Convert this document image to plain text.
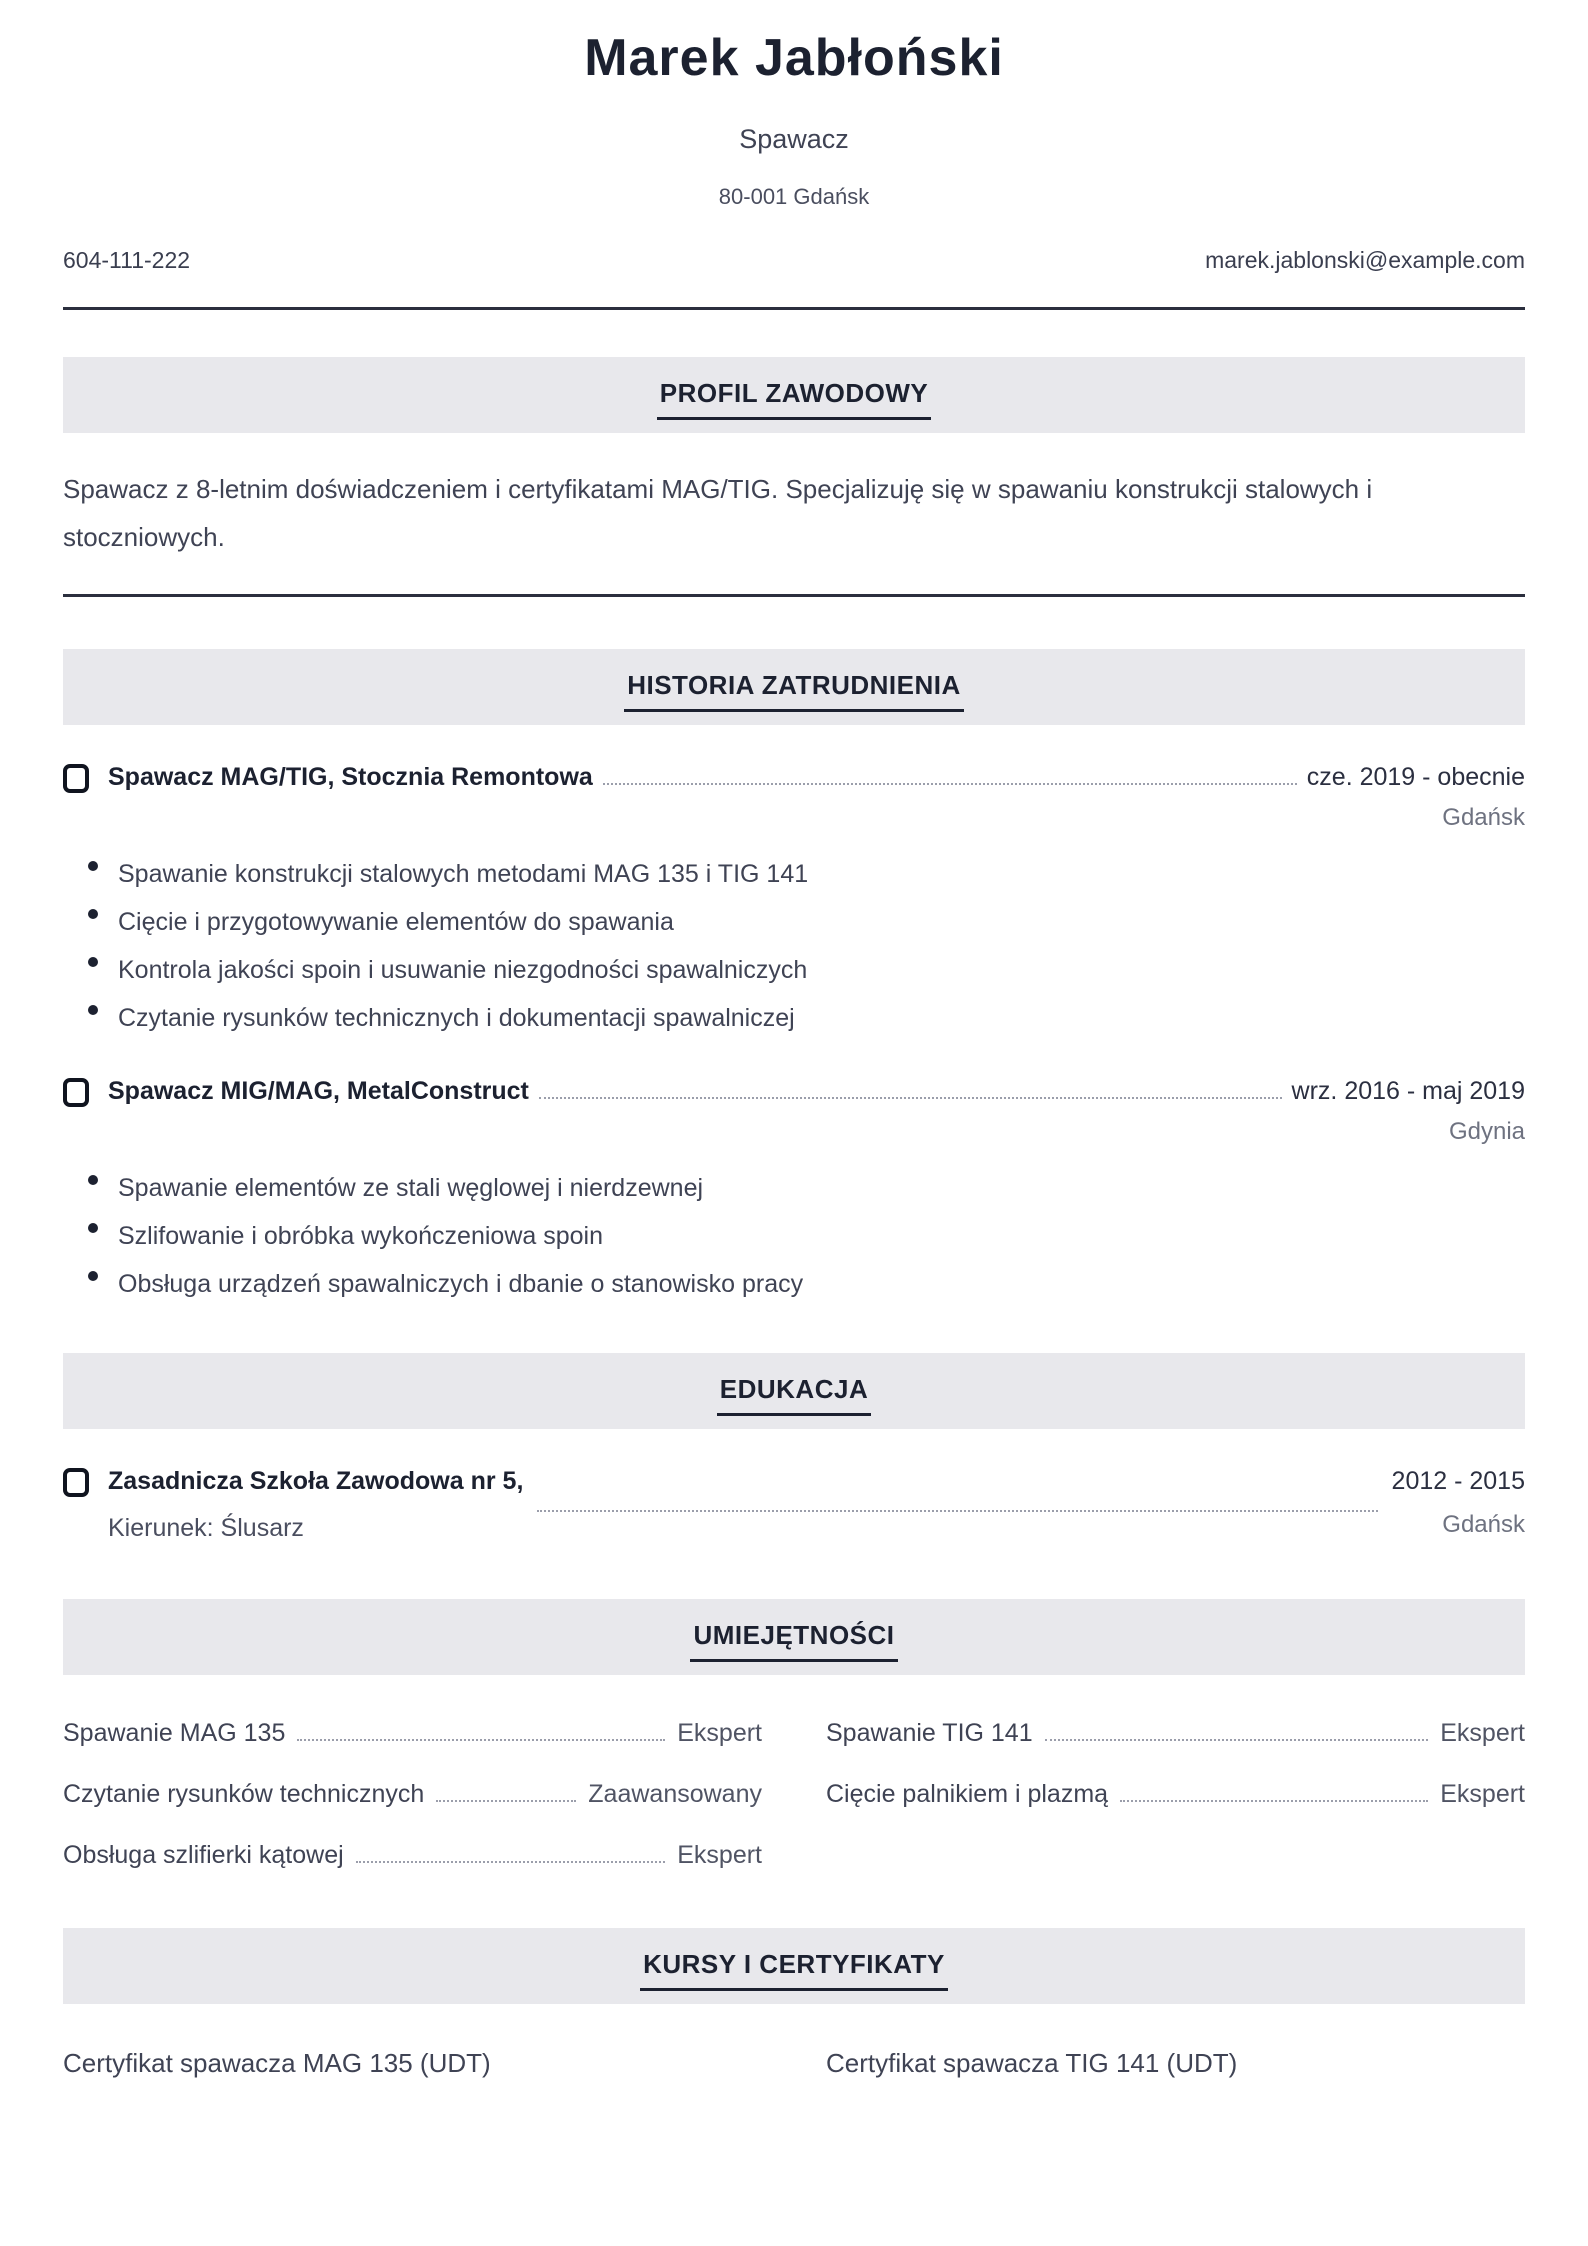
Marek Jabłoński
Spawacz
80-001 Gdańsk
604-111-222	marek.jablonski@example.com
PROFIL ZAWODOWY

Spawacz z 8-letnim doświadczeniem i certyfikatami MAG/TIG. Specjalizuję się w spawaniu konstrukcji stalowych i stoczniowych.

HISTORIA ZATRUDNIENIA
Spawacz MAG/TIG, Stocznia Remontowa	cze. 2019 - obecnie
Gdańsk
Spawanie konstrukcji stalowych metodami MAG 135 i TIG 141
Cięcie i przygotowywanie elementów do spawania
Kontrola jakości spoin i usuwanie niezgodności spawalniczych
Czytanie rysunków technicznych i dokumentacji spawalniczej
Spawacz MIG/MAG, MetalConstruct	wrz. 2016 - maj 2019
Gdynia
Spawanie elementów ze stali węglowej i nierdzewnej
Szlifowanie i obróbka wykończeniowa spoin
Obsługa urządzeń spawalniczych i dbanie o stanowisko pracy
EDUKACJA
Zasadnicza Szkoła Zawodowa nr 5,
Kierunek: Ślusarz
2012 - 2015
Gdańsk
UMIEJĘTNOŚCI
Spawanie MAG 135	Ekspert	Spawanie TIG 141	Ekspert
Czytanie rysunków technicznych	Zaawansowany	Cięcie palnikiem i plazmą	Ekspert
Obsługa szlifierki kątowej	Ekspert
KURSY I CERTYFIKATY
Certyfikat spawacza MAG 135 (UDT)	Certyfikat spawacza TIG 141 (UDT)
